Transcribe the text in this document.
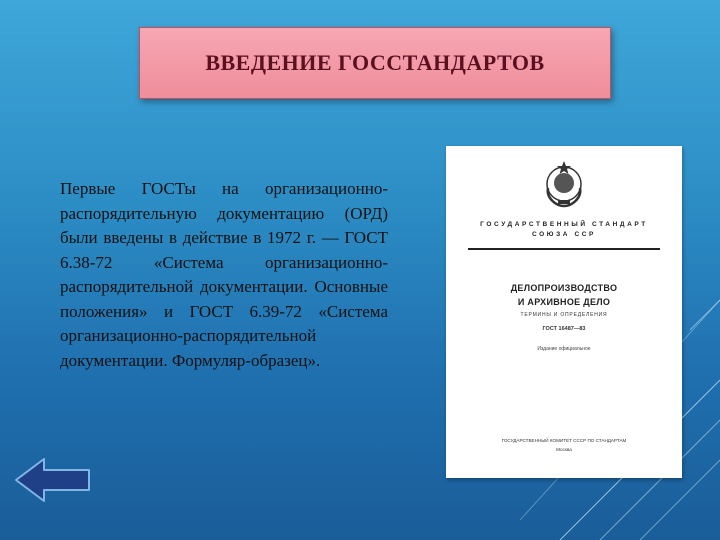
ВВЕДЕНИЕ ГОССТАНДАРТОВ
Первые ГОСТы на организационно-распорядительную документацию (ОРД) были введены в действие в 1972 г. — ГОСТ 6.38-72 «Система организационно-распорядительной документации. Основные положения» и ГОСТ 6.39-72 «Система организационно-распорядительной документации. Формуляр-образец».
ГОСУДАРСТВЕННЫЙ СТАНДАРТ
СОЮЗА ССР
ДЕЛОПРОИЗВОДСТВО
И АРХИВНОЕ ДЕЛО
ТЕРМИНЫ И ОПРЕДЕЛЕНИЯ
ГОСТ 16487—83
Издание официальное
ГОСУДАРСТВЕННЫЙ КОМИТЕТ СССР ПО СТАНДАРТАМ
Москва
